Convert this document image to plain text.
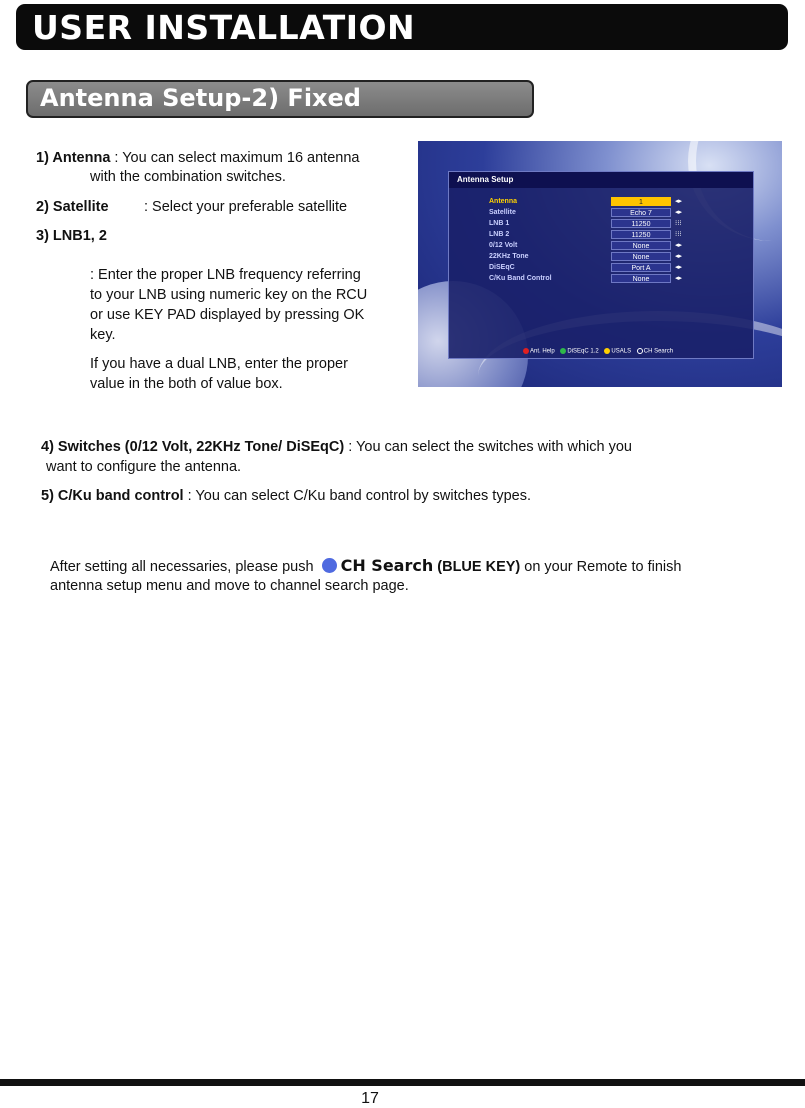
USER INSTALLATION
Antenna Setup-2) Fixed
1) Antenna : You can select maximum 16 antenna
with the combination switches.
2) Satellite : Select your preferable satellite
3) LNB1, 2
: Enter the proper LNB frequency referring
to your LNB using numeric key on the RCU
or use KEY PAD displayed by pressing OK
key.
If you have a dual LNB, enter the proper
value in the both of value box.
Antenna Setup
Antenna	1	◂▸
Satellite	Echo 7	◂▸
LNB 1	11250	⁝⁝⁝
LNB 2	11250	⁝⁝⁝
0/12 Volt	None	◂▸
22KHz Tone	None	◂▸
DiSEqC	Port A	◂▸
C/Ku Band Control	None	◂▸
Ant. Help DiSEqC 1.2 USALS CH Search
4) Switches (0/12 Volt, 22KHz Tone/ DiSEqC) : You can select the switches with which you
want to configure the antenna.
5) C/Ku band control : You can select C/Ku band control by switches types.
After setting all necessaries, please push CH Search (BLUE KEY) on your Remote to finish
antenna setup menu and move to channel search page.
17
